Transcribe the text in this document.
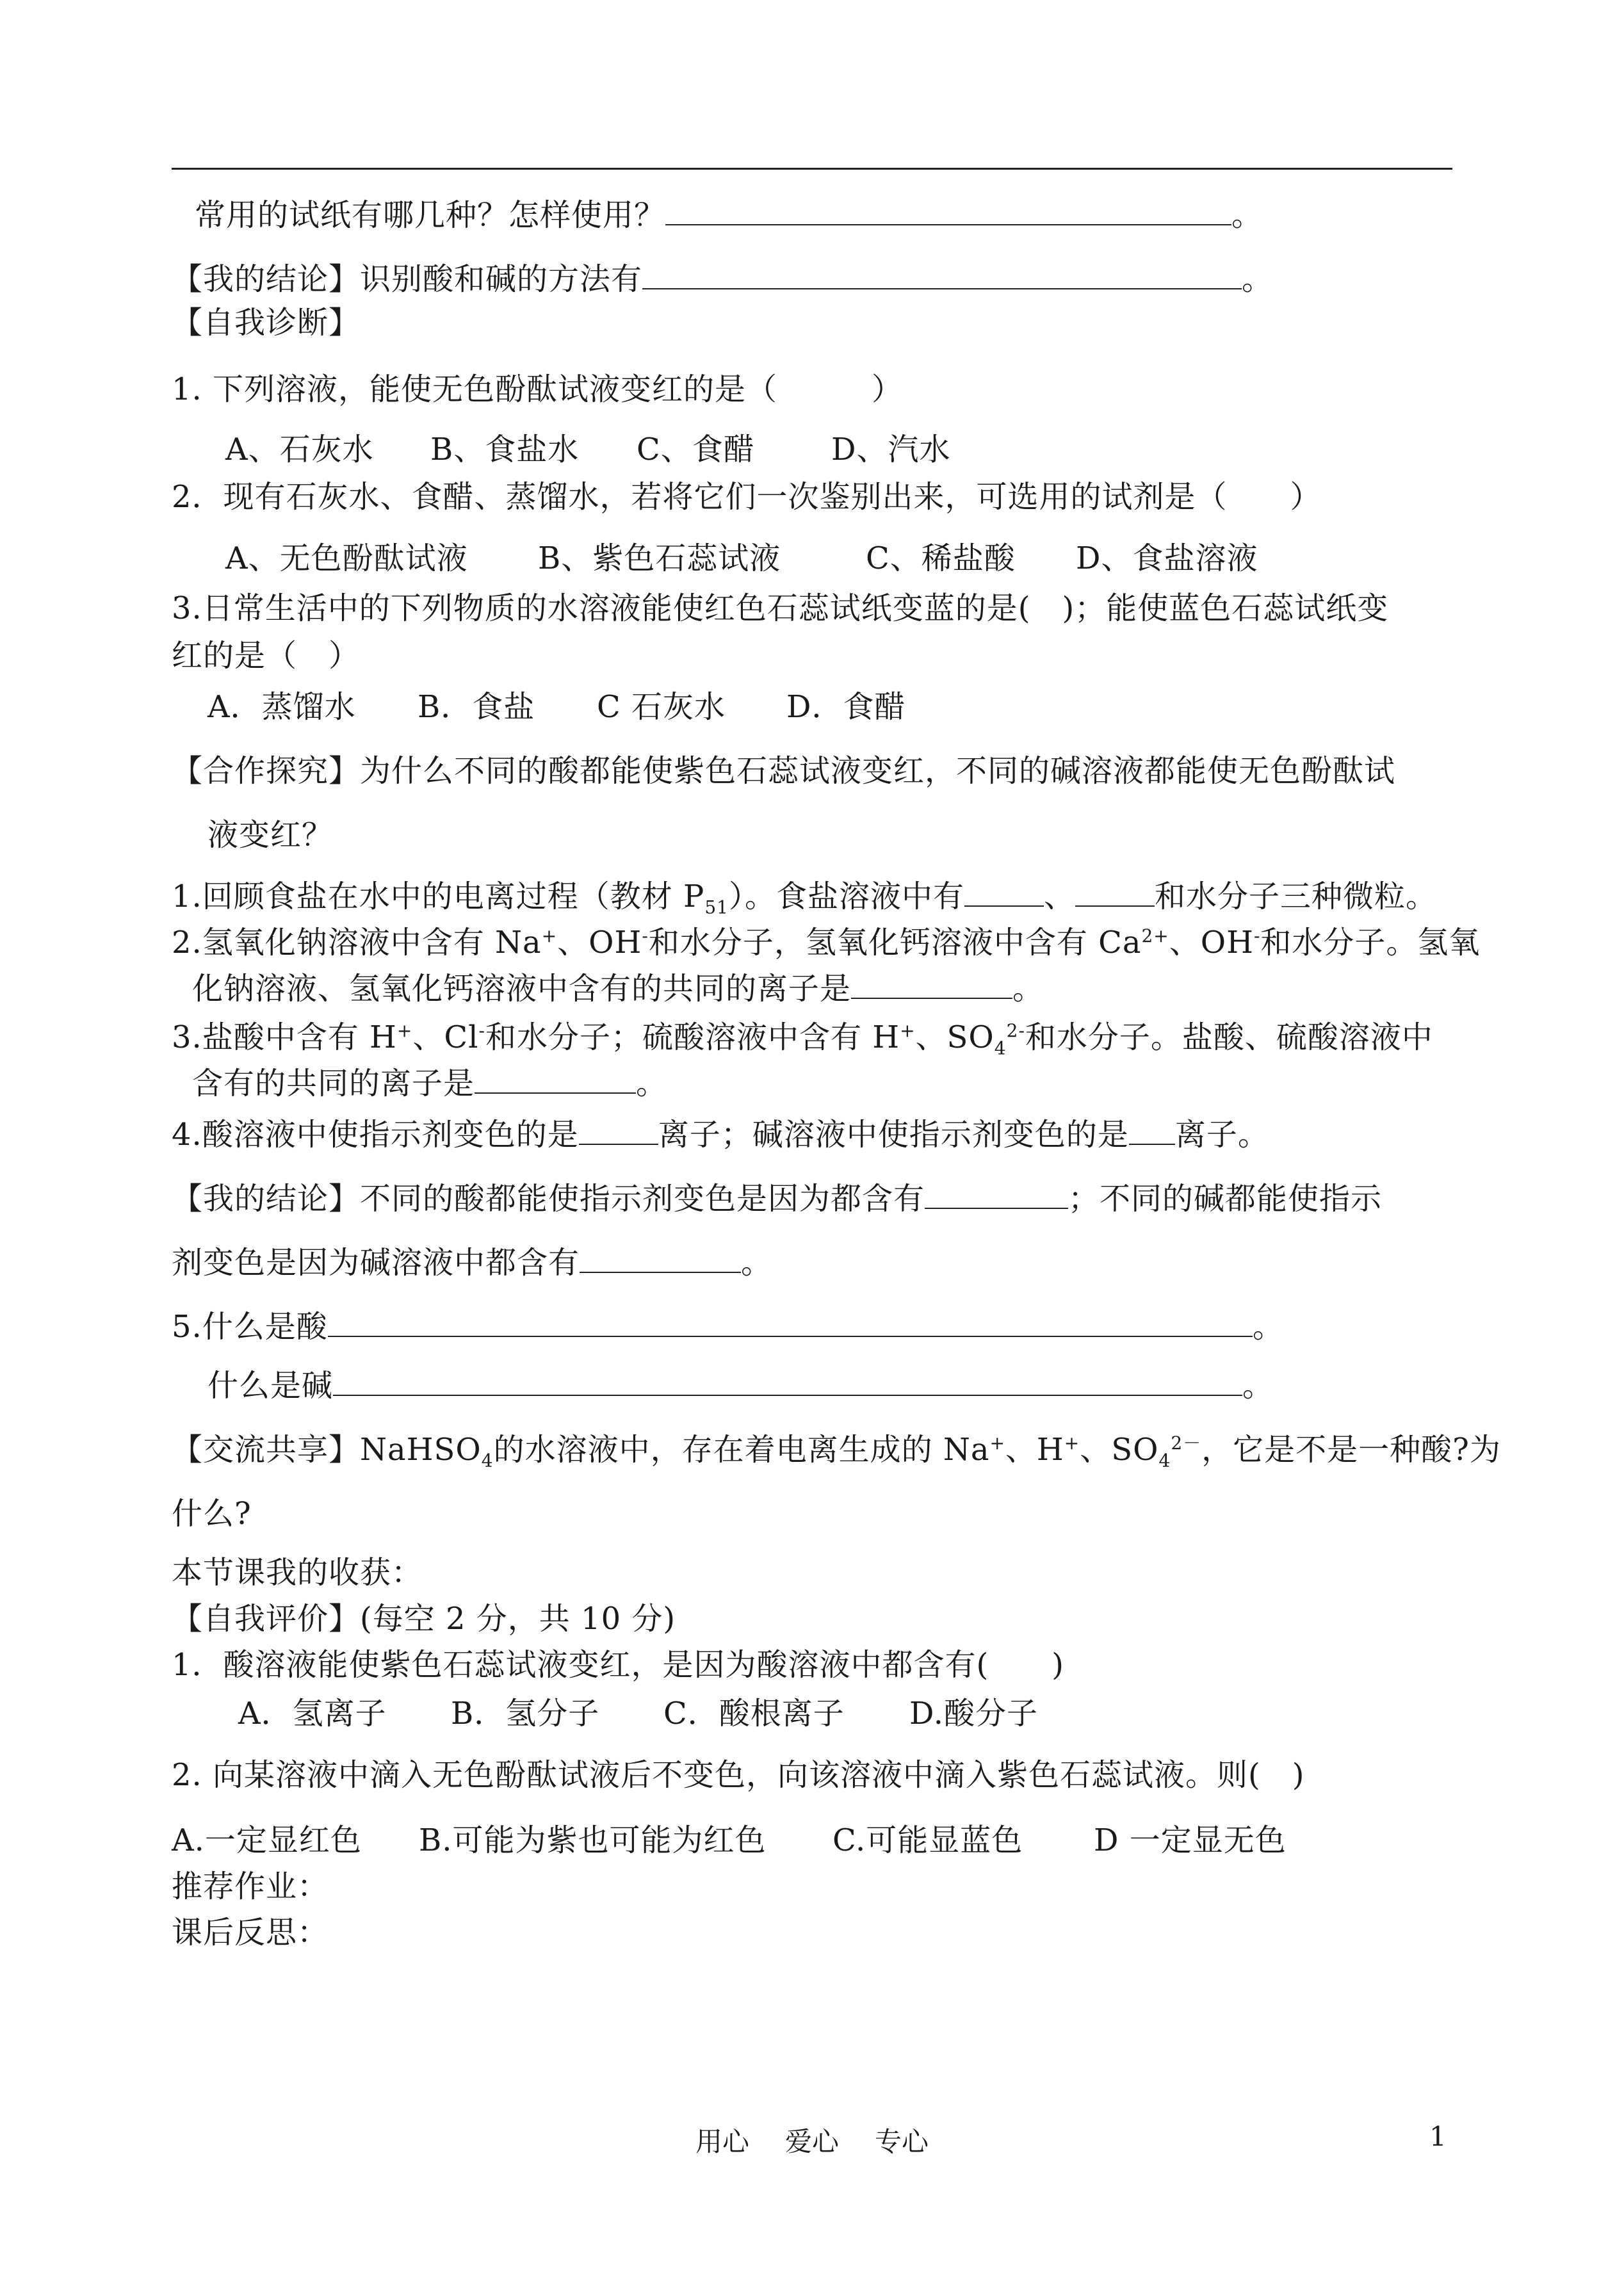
常用的试纸有哪几种？怎样使用？	。
【我的结论】识别酸和碱的方法有	。
【自我诊断】
1. 下列溶液，能使无色酚酞试液变红的是（　　　）
A、石灰水 B、食盐水 C、食醋 D、汽水
2．现有石灰水、食醋、蒸馏水，若将它们一次鉴别出来，可选用的试剂是（　　）
A、无色酚酞试液 B、紫色石蕊试液	C、稀盐酸 D、食盐溶液
3.日常生活中的下列物质的水溶液能使红色石蕊试纸变蓝的是(　)；能使蓝色石蕊试纸变
红的是（　）
A．蒸馏水 B．食盐 C 石灰水 D．食醋
【合作探究】为什么不同的酸都能使紫色石蕊试液变红，不同的碱溶液都能使无色酚酞试
液变红？
1.回顾食盐在水中的电离过程（教材 $P_{51}$）。食盐溶液中有	、	和水分子三种微粒。
2.氢氧化钠溶液中含有 Na+、OH-和水分子，氢氧化钙溶液中含有 $Ca^{2+}$、OH-和水分子。氢氧
化钠溶液、氢氧化钙溶液中含有的共同的离子是	。
3.盐酸中含有 H+、Cl-和水分子；硫酸溶液中含有 H+、$SO_4^{2-}$和水分子。盐酸、硫酸溶液中
含有的共同的离子是	。
4.酸溶液中使指示剂变色的是	离子；碱溶液中使指示剂变色的是 离子。
【我的结论】不同的酸都能使指示剂变色是因为都含有	；不同的碱都能使指示
剂变色是因为碱溶液中都含有	。
5.什么是酸	。
什么是碱	。
【交流共享】NaHSO$_4$的水溶液中，存在着电离生成的 Na+、H+、$SO_4^{2-}$，它是不是一种酸?为
什么?
本节课我的收获：
【自我评价】(每空 2 分，共 10 分)
1．酸溶液能使紫色石蕊试液变红，是因为酸溶液中都含有(　　)
A．氢离子 B．氢分子 C．酸根离子 D.酸分子
2. 向某溶液中滴入无色酚酞试液后不变色，向该溶液中滴入紫色石蕊试液。则(　)
A.一定显红色 B.可能为紫也可能为红色 C.可能显蓝色 D 一定显无色
推荐作业：
课后反思：
用心 爱心 专心	1
